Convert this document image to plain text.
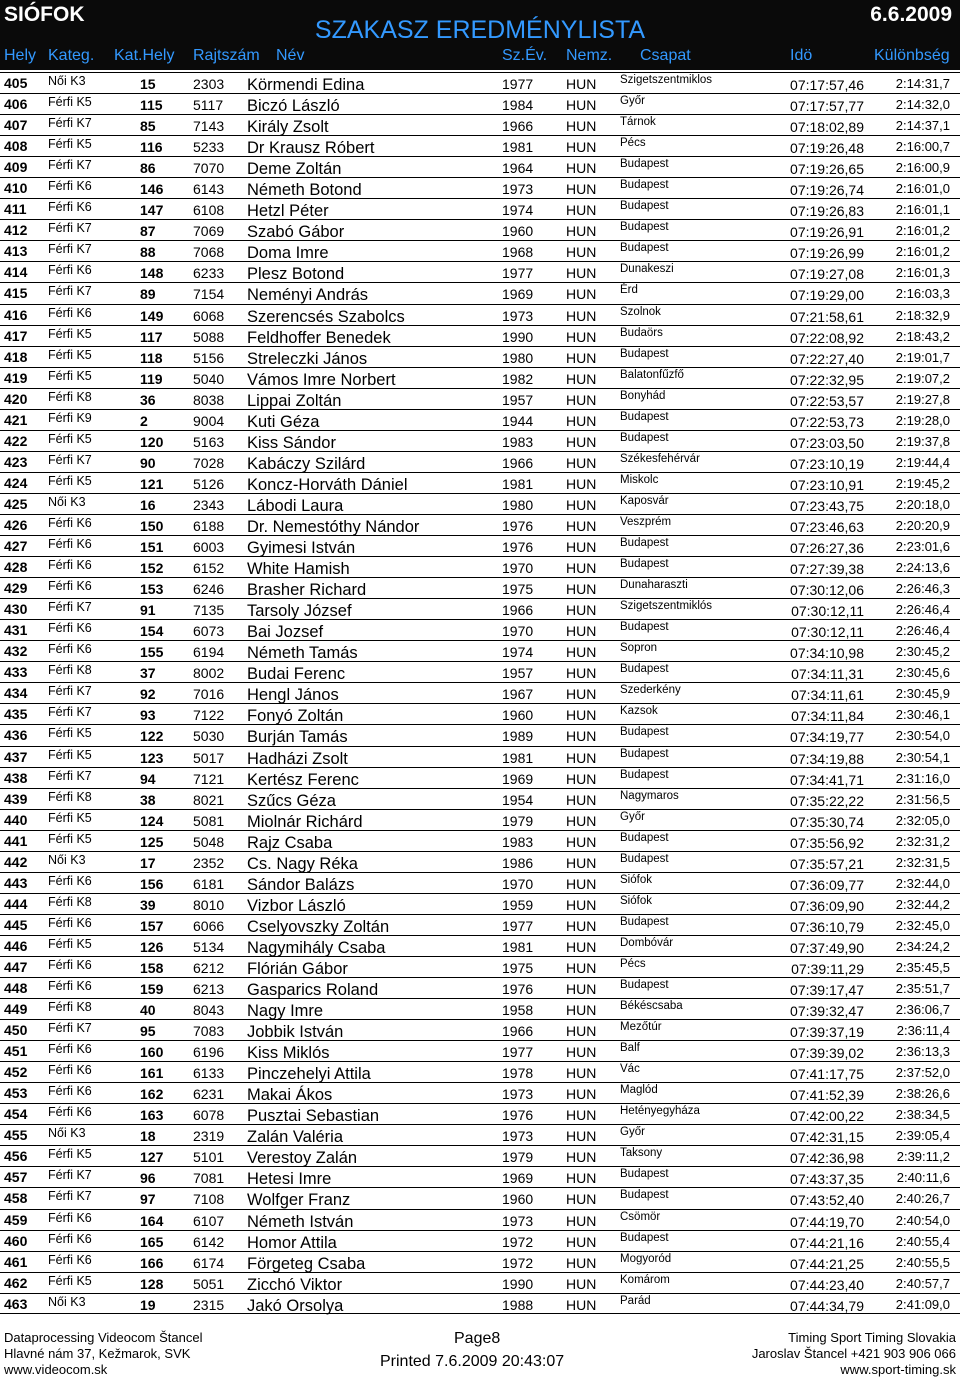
SIÓFOK
SZAKASZ EREDMÉNYLISTA
6.6.2009
Hely Kateg. Kat.Hely Rajtszám Név	Sz.Év. Nemz. Csapat	Idö	Különbség
405 Női K3	15	2303 Körmendi Edina	1977 HUN Szigetszentmiklos	07:17:57,46 2:14:31,7
406 Férfi K5	115 5117 Biczó László	1984 HUN Győr	07:17:57,77 2:14:32,0
407 Férfi K7	85	7143 Király Zsolt	1966 HUN Tárnok	07:18:02,89 2:14:37,1
408 Férfi K5	116 5233 Dr Krausz Róbert	1981 HUN Pécs	07:19:26,48 2:16:00,7
409 Férfi K7	86	7070 Deme Zoltán	1964 HUN Budapest	07:19:26,65 2:16:00,9
410 Férfi K6	146 6143 Németh Botond	1973 HUN Budapest	07:19:26,74 2:16:01,0
411 Férfi K6	147 6108 Hetzl Péter	1974 HUN Budapest	07:19:26,83 2:16:01,1
412 Férfi K7	87	7069 Szabó Gábor	1960 HUN Budapest	07:19:26,91 2:16:01,2
413 Férfi K7	88	7068 Doma Imre	1968 HUN Budapest	07:19:26,99 2:16:01,2
414 Férfi K6	148 6233 Plesz Botond	1977 HUN Dunakeszi	07:19:27,08 2:16:01,3
415 Férfi K7	89	7154 Neményi András	1969 HUN Érd	07:19:29,00 2:16:03,3
416 Férfi K6	149 6068 Szerencsés Szabolcs	1973 HUN Szolnok	07:21:58,61 2:18:32,9
417 Férfi K5	117 5088 Feldhoffer Benedek	1990 HUN Budaörs	07:22:08,92 2:18:43,2
418 Férfi K5	118 5156 Streleczki János	1980 HUN Budapest	07:22:27,40 2:19:01,7
419 Férfi K5	119 5040 Vámos Imre Norbert	1982 HUN Balatonfűzfő	07:22:32,95 2:19:07,2
420 Férfi K8	36	8038 Lippai Zoltán	1957 HUN Bonyhád	07:22:53,57 2:19:27,8
421 Férfi K9	2	9004 Kuti Géza	1944 HUN Budapest	07:22:53,73 2:19:28,0
422 Férfi K5	120 5163 Kiss Sándor	1983 HUN Budapest	07:23:03,50 2:19:37,8
423 Férfi K7	90	7028 Kabáczy Szilárd	1966 HUN Székesfehérvár	07:23:10,19 2:19:44,4
424 Férfi K5	121 5126 Koncz-Horváth Dániel	1981 HUN Miskolc	07:23:10,91 2:19:45,2
425 Női K3	16	2343 Lábodi Laura	1980 HUN Kaposvár	07:23:43,75 2:20:18,0
426 Férfi K6	150 6188 Dr. Nemestóthy Nándor	1976 HUN Veszprém	07:23:46,63 2:20:20,9
427 Férfi K6	151 6003 Gyimesi István	1976 HUN Budapest	07:26:27,36 2:23:01,6
428 Férfi K6	152 6152 White Hamish	1970 HUN Budapest	07:27:39,38 2:24:13,6
429 Férfi K6	153 6246 Brasher Richard	1975 HUN Dunaharaszti	07:30:12,06 2:26:46,3
430 Férfi K7	91	7135 Tarsoly József	1966 HUN Szigetszentmiklós	07:30:12,11 2:26:46,4
431 Férfi K6	154 6073 Bai Jozsef	1970 HUN Budapest	07:30:12,11 2:26:46,4
432 Férfi K6	155 6194 Németh Tamás	1974 HUN Sopron	07:34:10,98 2:30:45,2
433 Férfi K8	37	8002 Budai Ferenc	1957 HUN Budapest	07:34:11,31 2:30:45,6
434 Férfi K7	92	7016 Hengl János	1967 HUN Szederkény	07:34:11,61 2:30:45,9
435 Férfi K7	93	7122 Fonyó Zoltán	1960 HUN Kazsok	07:34:11,84 2:30:46,1
436 Férfi K5	122 5030 Burján Tamás	1989 HUN Budapest	07:34:19,77 2:30:54,0
437 Férfi K5	123 5017 Hadházi Zsolt	1981 HUN Budapest	07:34:19,88 2:30:54,1
438 Férfi K7	94	7121 Kertész Ferenc	1969 HUN Budapest	07:34:41,71 2:31:16,0
439 Férfi K8	38	8021 Szűcs Géza	1954 HUN Nagymaros	07:35:22,22 2:31:56,5
440 Férfi K5	124 5081 Miolnár Richárd	1979 HUN Győr	07:35:30,74 2:32:05,0
441 Férfi K5	125 5048 Rajz Csaba	1983 HUN Budapest	07:35:56,92 2:32:31,2
442 Női K3	17	2352 Cs. Nagy Réka	1986 HUN Budapest	07:35:57,21 2:32:31,5
443 Férfi K6	156 6181 Sándor Balázs	1970 HUN Siófok	07:36:09,77 2:32:44,0
444 Férfi K8	39	8010 Vizbor László	1959 HUN Siófok	07:36:09,90 2:32:44,2
445 Férfi K6	157 6066 Cselyovszky Zoltán	1977 HUN Budapest	07:36:10,79 2:32:45,0
446 Férfi K5	126 5134 Nagymihály Csaba	1981 HUN Dombóvár	07:37:49,90 2:34:24,2
447 Férfi K6	158 6212 Flórián Gábor	1975 HUN Pécs	07:39:11,29 2:35:45,5
448 Férfi K6	159 6213 Gasparics Roland	1976 HUN Budapest	07:39:17,47 2:35:51,7
449 Férfi K8	40	8043 Nagy Imre	1958 HUN Békéscsaba	07:39:32,47 2:36:06,7
450 Férfi K7	95	7083 Jobbik István	1966 HUN Mezőtúr	07:39:37,19	2:36:11,4
451 Férfi K6	160 6196 Kiss Miklós	1977 HUN Balf	07:39:39,02 2:36:13,3
452 Férfi K6	161 6133 Pinczehelyi Attila	1978 HUN Vác	07:41:17,75 2:37:52,0
453 Férfi K6	162 6231 Makai Ákos	1973 HUN Maglód	07:41:52,39 2:38:26,6
454 Férfi K6	163 6078 Pusztai Sebastian	1976 HUN Hetényegyháza	07:42:00,22 2:38:34,5
455 Női K3	18	2319 Zalán Valéria	1973 HUN Győr	07:42:31,15 2:39:05,4
456 Férfi K5	127 5101 Verestoy Zalán	1979 HUN Taksony	07:42:36,98	2:39:11,2
457 Férfi K7	96	7081 Hetesi Imre	1969 HUN Budapest	07:43:37,35	2:40:11,6
458 Férfi K7	97	7108 Wolfger Franz	1960 HUN Budapest	07:43:52,40 2:40:26,7
459 Férfi K6	164 6107 Németh István	1973 HUN Csömör	07:44:19,70 2:40:54,0
460 Férfi K6	165 6142 Homor Attila	1972 HUN Budapest	07:44:21,16 2:40:55,4
461 Férfi K6	166 6174 Förgeteg Csaba	1972 HUN Mogyoród	07:44:21,25 2:40:55,5
462 Férfi K5	128 5051 Zicchó Viktor	1990 HUN Komárom	07:44:23,40 2:40:57,7
463 Női K3	19	2315 Jakó Orsolya	1988 HUN Parád	07:44:34,79 2:41:09,0
Dataprocessing Videocom Štancel
Hlavné nám 37, Kežmarok, SVK
www.videocom.sk
Page8
Printed 7.6.2009 20:43:07
Timing Sport Timing Slovakia
Jaroslav Štancel +421 903 906 066
www.sport-timing.sk
